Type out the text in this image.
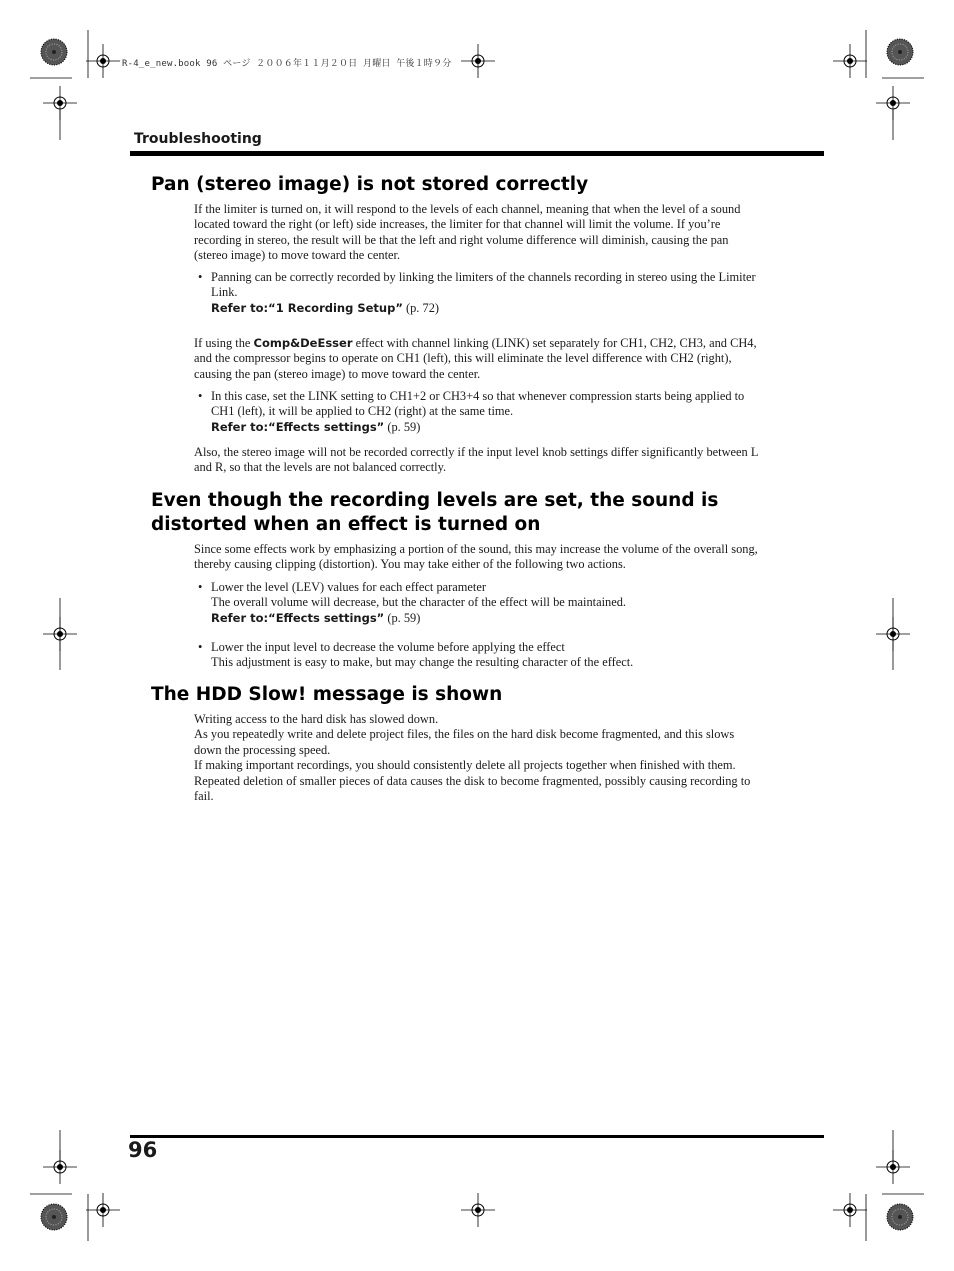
R-4_e_new.book 96 ページ ２００６年１１月２０日 月曜日 午後１時９分
Troubleshooting
Pan (stereo image) is not stored correctly

If the limiter is turned on, it will respond to the levels of each channel, meaning that when the level of a sound located toward the right (or left) side increases, the limiter for that channel will limit the volume. If you’re recording in stereo, the result will be that the left and right volume difference will diminish, causing the pan (stereo image) to move toward the center.

• Panning can be correctly recorded by linking the limiters of the channels recording in stereo using the Limiter Link.
Refer to:“1 Recording Setup” (p. 72)

If using the Comp&DeEsser effect with channel linking (LINK) set separately for CH1, CH2, CH3, and CH4, and the compressor begins to operate on CH1 (left), this will eliminate the level difference with CH2 (right), causing the pan (stereo image) to move toward the center.

• In this case, set the LINK setting to CH1+2 or CH3+4 so that whenever compression starts being applied to CH1 (left), it will be applied to CH2 (right) at the same time.
Refer to:“Effects settings” (p. 59)

Also, the stereo image will not be recorded correctly if the input level knob settings differ significantly between L and R, so that the levels are not balanced correctly.

Even though the recording levels are set, the sound is distorted when an effect is turned on

Since some effects work by emphasizing a portion of the sound, this may increase the volume of the overall song, thereby causing clipping (distortion). You may take either of the following two actions.

• Lower the level (LEV) values for each effect parameter
The overall volume will decrease, but the character of the effect will be maintained.
Refer to:“Effects settings” (p. 59)
• Lower the input level to decrease the volume before applying the effect
This adjustment is easy to make, but may change the resulting character of the effect.
The HDD Slow! message is shown
Writing access to the hard disk has slowed down.
As you repeatedly write and delete project files, the files on the hard disk become fragmented, and this slows down the processing speed.
If making important recordings, you should consistently delete all projects together when finished with them. Repeated deletion of smaller pieces of data causes the disk to become fragmented, possibly causing recording to fail.
96
